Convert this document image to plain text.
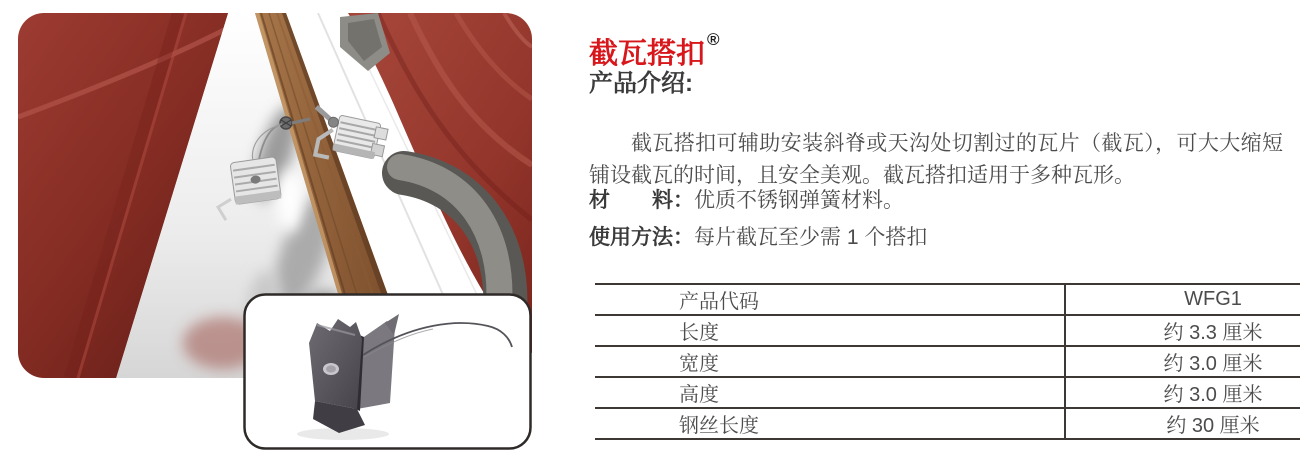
截瓦搭扣 ®
产品介绍:

截瓦搭扣可辅助安装斜脊或天沟处切割过的瓦片（截瓦），可大大缩短铺设截瓦的时间，且安全美观。截瓦搭扣适用于多种瓦形。

材　　料：优质不锈钢弹簧材料。
使用方法：每片截瓦至少需 1 个搭扣
产品代码	WFG1
长度	约 3.3 厘米
宽度	约 3.0 厘米
高度	约 3.0 厘米
钢丝长度	约 30 厘米
